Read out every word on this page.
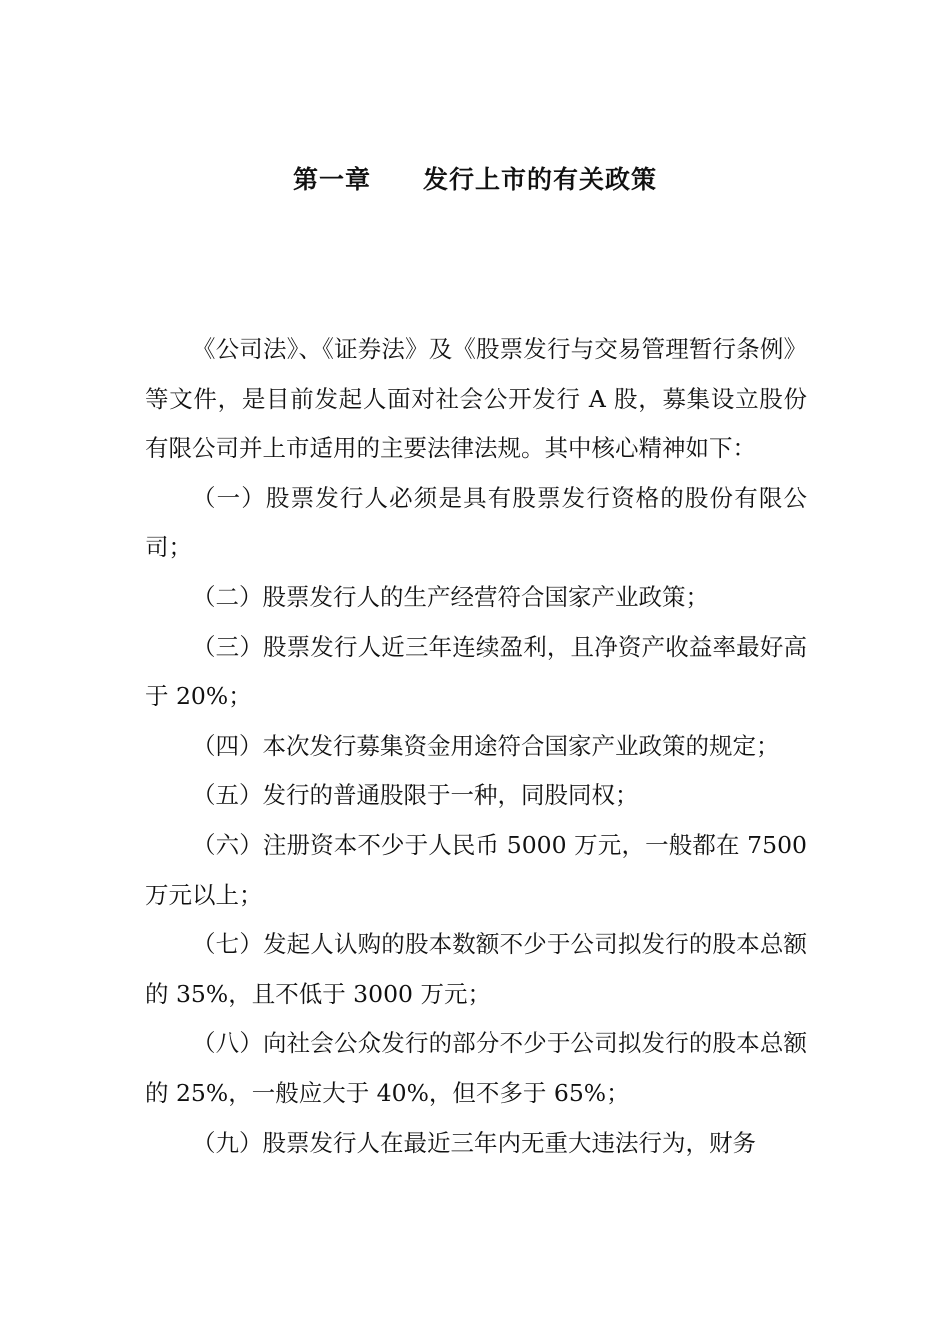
第一章　　发行上市的有关政策

《公司法》、《证券法》及《股票发行与交易管理暂行条例》等文件，是目前发起人面对社会公开发行 A 股，募集设立股份有限公司并上市适用的主要法律法规。其中核心精神如下：

（一）股票发行人必须是具有股票发行资格的股份有限公司；

（二）股票发行人的生产经营符合国家产业政策；

（三）股票发行人近三年连续盈利，且净资产收益率最好高于 20%；

（四）本次发行募集资金用途符合国家产业政策的规定；

（五）发行的普通股限于一种，同股同权；

（六）注册资本不少于人民币 5000 万元，一般都在 7500 万元以上；

（七）发起人认购的股本数额不少于公司拟发行的股本总额的 35%，且不低于 3000 万元；

（八）向社会公众发行的部分不少于公司拟发行的股本总额的 25%，一般应大于 40%，但不多于 65%；

（九）股票发行人在最近三年内无重大违法行为，财务
